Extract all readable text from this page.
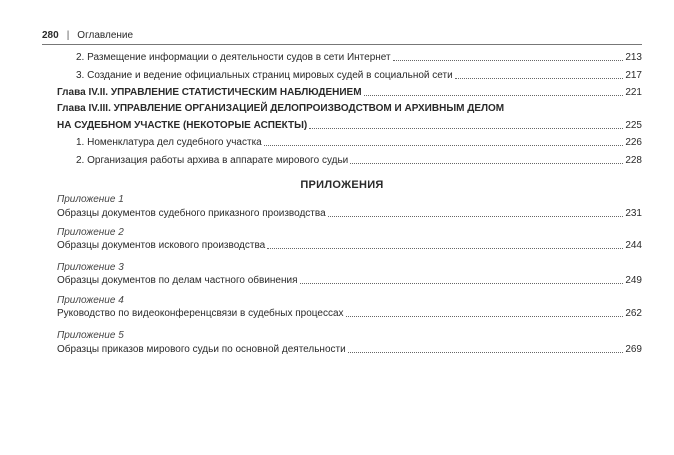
280 | Оглавление
2. Размещение информации о деятельности судов в сети Интернет	213
3. Создание и ведение официальных страниц мировых судей в социальной сети	217
Глава IV.II. УПРАВЛЕНИЕ СТАТИСТИЧЕСКИМ НАБЛЮДЕНИЕМ	221
Глава IV.III. УПРАВЛЕНИЕ ОРГАНИЗАЦИЕЙ ДЕЛОПРОИЗВОДСТВОМ И АРХИВНЫМ ДЕЛОМ
НА СУДЕБНОМ УЧАСТКЕ (НЕКОТОРЫЕ АСПЕКТЫ)	225
1. Номенклатура дел судебного участка	226
2. Организация работы архива в аппарате мирового судьи	228
ПРИЛОЖЕНИЯ
Приложение 1
Образцы документов судебного приказного производства	231
Приложение 2
Образцы документов искового производства	244
Приложение 3
Образцы документов по делам частного обвинения	249
Приложение 4
Руководство по видеоконференцсвязи в судебных процессах	262
Приложение 5
Образцы приказов мирового судьи по основной деятельности	269
